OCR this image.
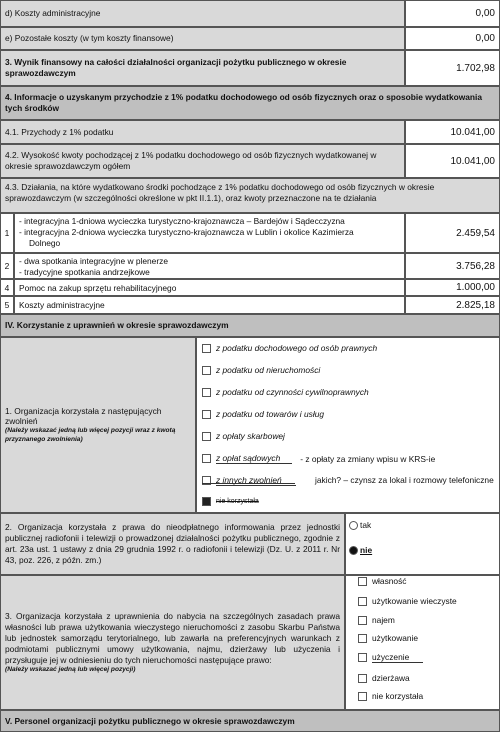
d) Koszty administracyjne	0,00
e) Pozostałe koszty (w tym koszty finansowe)	0,00
3. Wynik finansowy na całości działalności organizacji pożytku publicznego w okresie sprawozdawczym	1.702,98
4. Informacje o uzyskanym przychodzie z 1% podatku dochodowego od osób fizycznych oraz o sposobie wydatkowania tych środków
4.1. Przychody z 1% podatku	10.041,00
4.2. Wysokość kwoty pochodzącej z 1% podatku dochodowego od osób fizycznych wydatkowanej w okresie sprawozdawczym ogółem	10.041,00
4.3. Działania, na które wydatkowano środki pochodzące z 1% podatku dochodowego od osób fizycznych w okresie sprawozdawczym (w szczególności określone w pkt II.1.1), oraz kwoty przeznaczone na te działania
1
- integracyjna 1-dniowa wycieczka turystyczno-krajoznawcza – Bardejów i Sądecczyzna
- integracyjna 2-dniowa wycieczka turystyczno-krajoznawcza w Lublin i okolice Kazimierza
Dolnego
2.459,54
2	- dwa spotkania integracyjne w plenerze
- tradycyjne spotkania andrzejkowe
3.756,28
4	Pomoc na zakup sprzętu rehabilitacyjnego	1.000,00
5	Koszty administracyjne	2.825,18
IV. Korzystanie z uprawnień w okresie sprawozdawczym
1. Organizacja korzystała z następujących zwolnień
(Należy wskazać jedną lub więcej pozycji wraz z kwotą przyznanego zwolnienia)
z podatku dochodowego od osób prawnych
z podatku od nieruchomości
z podatku od czynności cywilnoprawnych
z podatku od towarów i usług
z opłaty skarbowej
z opłat sądowych	- z opłaty za zmiany wpisu w KRS-ie
z innych zwolnień	jakich? – czynsz za lokal i rozmowy telefoniczne
nie korzystała
2. Organizacja korzystała z prawa do nieodpłatnego informowania przez jednostki publicznej radiofonii i telewizji o prowadzonej działalności pożytku publicznego, zgodnie z art. 23a ust. 1 ustawy z dnia 29 grudnia 1992 r. o radiofonii i telewizji (Dz. U. z 2011 r. Nr 43, poz. 226, z późn. zm.)
tak
nie
3. Organizacja korzystała z uprawnienia do nabycia na szczególnych zasadach prawa własności lub prawa użytkowania wieczystego nieruchomości z zasobu Skarbu Państwa lub jednostek samorządu terytorialnego, lub zawarła na preferencyjnych warunkach z podmiotami publicznymi umowy użytkowania, najmu, dzierżawy lub użyczenia i przysługuje jej w odniesieniu do tych nieruchomości następujące prawo:
(Należy wskazać jedną lub więcej pozycji)
własność
użytkowanie wieczyste
najem
użytkowanie
użyczenie
dzierżawa
nie korzystała
V. Personel organizacji pożytku publicznego w okresie sprawozdawczym
